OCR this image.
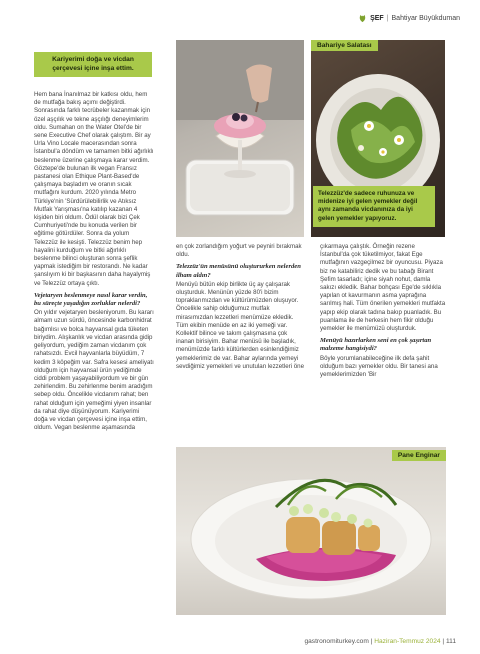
ŞEF | Bahtiyar Büyükduman
Kariyerimi doğa ve vicdan çerçevesi içine inşa ettim.
Hem bana İnanılmaz bir katkısı oldu, hem de mutfağa bakış açımı değiştirdi. Sonrasında farklı tecrübeler kazanmak için özel aşçılık ve tekne aşçılığı deneyimlerim oldu. Sumahan on the Water Otel'de bir sene Executive Chef olarak çalıştım. Bir ay Urla Vino Locale macerasından sonra İstanbul'a döndüm ve tamamen bitki ağırlıklı beslenme üzerine çalışmaya karar verdim. Göztepe'de bulunan ilk vegan Fransız pastanesi olan Ethique Plant-Based'de çalışmaya başladım ve oranın sıcak mutfağını kurdum. 2020 yılında Metro Türkiye'nin 'Sürdürülebilirlik ve Atıksız Mutfak Yarışması'na katılıp kazanan 4 kişiden biri oldum. Ödül olarak bizi Çek Cumhuriyeti'nde bu konuda verilen bir eğitime götürdüler. Sonra da yolum Telezzüz ile kesişti. Telezzüz benim hep hayalini kurduğum ve bitki ağırlıklı beslenme bilinci oluşturan sonra şeflik yapmak istediğim bir restorandı. Ne kadar şanslıyım ki bir başkasının daha hayalymiş ve Telezzüz ortaya çıktı.
Vejetaryen beslenmeye nasıl karar verdin, bu süreçte yaşadığın zorluklar nelerdi?
On yıldır vejetaryen besleniyorum. Bu kararı almam uzun sürdü, öncesinde karbonhidrat bağımlısı ve bolca hayvansal gıda tüketen biriydim. Alışkanlık ve vicdan arasında gidip geliyordum, yediğim zaman vicdanım çok rahatsızdı. Evcil hayvanlarla büyüdüm, 7 kedim 3 köpeğim var. Safra kesesi ameliyatı olduğum için hayvansal ürün yediğimde ciddi problem yaşayabiliyordum ve bir gün zehirlendim. Bu zehirlenme benim aradığım sebep oldu. Öncelikle vicdanım rahat; ben rahat olduğum için yemeğimi yiyen insanlar da rahat diye düşünüyorum. Kariyerimi doğa ve vicdan çerçevesi içine inşa ettim, oldum. Vegan beslenme aşamasında
Bahariye Salatası
Telezzüz'de sadece ruhunuza ve midenize iyi gelen yemekler değil aynı zamanda vicdanınıza da iyi gelen yemekler yapıyoruz.
en çok zorlandığım yoğurt ve peyniri bırakmak oldu.
Telezzüz'ün menüsünü oluştururken nelerden ilham aldın?
Menüyü bütün ekip birlikte üç ay çalışarak oluşturduk. Menünün yüzde 80'i bizim topraklarımızdan ve kültürümüzden oluşuyor. Öncelikle sahip olduğumuz mutfak mirasımızdan lezzetleri menümüze ekledik. Tüm ekibin menüde en az iki yemeği var. Kollektif bilince ve takım çalışmasına çok inanan birisiyim. Bahar menüsü ile başladık, menümüzde farklı kültürlerden esinlendiğimiz yemeklerimiz de var. Bahar aylarında yemeyi sevdiğimiz yemekleri ve unutulan lezzetleri öne
çıkarmaya çalıştık. Örneğin rezene İstanbul'da çok tüketilmiyor, fakat Ege mutfağının vazgeçilmez bir oyuncusu. Piyaza biz ne katabiliriz dedik ve bu tabağı Birant Şefim tasarladı; içine siyah nohut, damla sakızı ekledik. Bahar bohçası Ege'de sıklıkla yapılan ot kavurmanın asma yaprağına sarılmış hali. Tüm önerilen yemekleri mutfakta yapıp ekip olarak tadına bakıp puanladık. Bu puanlama ile de herkesin hem fikir olduğu yemekler ile menümüzü oluşturduk.
Menüyü hazırlarken seni en çok şaşırtan malzeme hangisiydi?
Böyle yorumlanabileceğine ilk defa şahit olduğum bazı yemekler oldu. Bir tanesi ana yemeklerimizden 'Bir
Pane Enginar
gastronomiturkey.com | Haziran-Temmuz 2024 | 111
